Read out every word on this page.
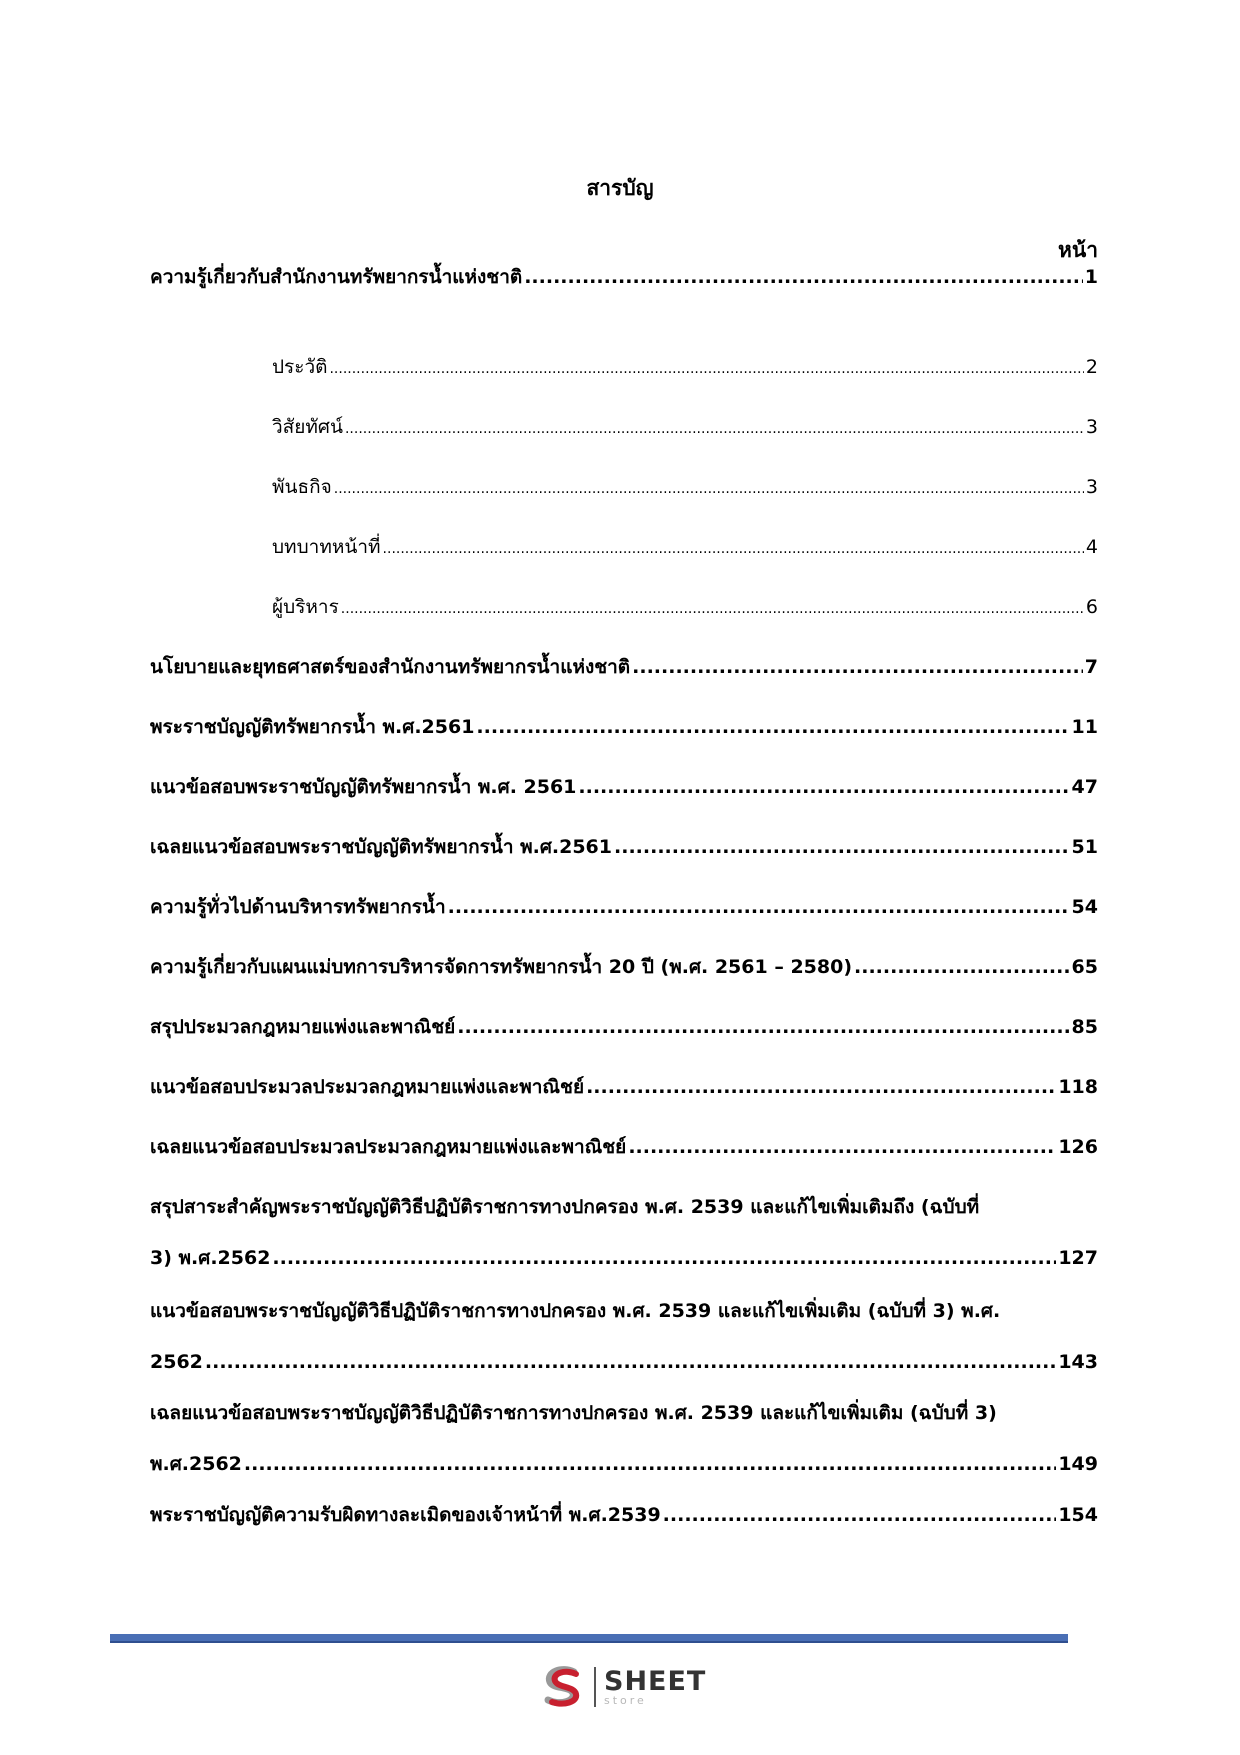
สารบัญ
หน้า
ความรู้เกี่ยวกับสำนักงานทรัพยากรน้ำแห่งชาติ .....	1
ประวัติ .....	2
วิสัยทัศน์ .....	3
พันธกิจ .....	3
บทบาทหน้าที่ .....	4
ผู้บริหาร .....	6
นโยบายและยุทธศาสตร์ของสำนักงานทรัพยากรน้ำแห่งชาติ .....	7
พระราชบัญญัติทรัพยากรน้ำ พ.ศ.2561 .....	11
แนวข้อสอบพระราชบัญญัติทรัพยากรน้ำ พ.ศ. 2561 .....	47
เฉลยแนวข้อสอบพระราชบัญญัติทรัพยากรน้ำ พ.ศ.2561 .....	51
ความรู้ทั่วไปด้านบริหารทรัพยากรน้ำ .....	54
ความรู้เกี่ยวกับแผนแม่บทการบริหารจัดการทรัพยากรน้ำ 20 ปี (พ.ศ. 2561 – 2580) .....	65
สรุปประมวลกฎหมายแพ่งและพาณิชย์ .....	85
แนวข้อสอบประมวลประมวลกฎหมายแพ่งและพาณิชย์ .....	118
เฉลยแนวข้อสอบประมวลประมวลกฎหมายแพ่งและพาณิชย์ .....	126
สรุปสาระสำคัญพระราชบัญญัติวิธีปฏิบัติราชการทางปกครอง พ.ศ. 2539 และแก้ไขเพิ่มเติมถึง (ฉบับที่
3) พ.ศ.2562 .....	127
แนวข้อสอบพระราชบัญญัติวิธีปฏิบัติราชการทางปกครอง พ.ศ. 2539 และแก้ไขเพิ่มเติม (ฉบับที่ 3) พ.ศ.
2562 .....	143
เฉลยแนวข้อสอบพระราชบัญญัติวิธีปฏิบัติราชการทางปกครอง พ.ศ. 2539 และแก้ไขเพิ่มเติม (ฉบับที่ 3)
พ.ศ.2562 .....	149
พระราชบัญญัติความรับผิดทางละเมิดของเจ้าหน้าที่ พ.ศ.2539 .....	154
SHEET
store
